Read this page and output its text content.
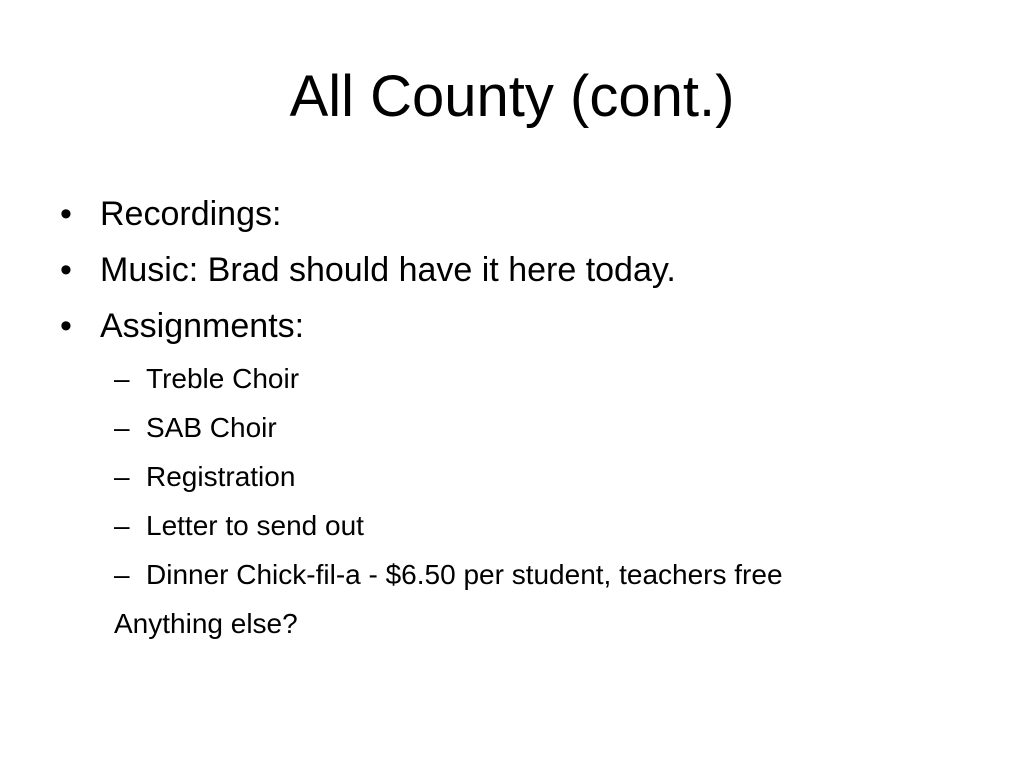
All County (cont.)
• Recordings:
• Music: Brad should have it here today.
• Assignments:
– Treble Choir
– SAB Choir
– Registration
– Letter to send out
– Dinner Chick-fil-a - $6.50 per student, teachers free
Anything else?
